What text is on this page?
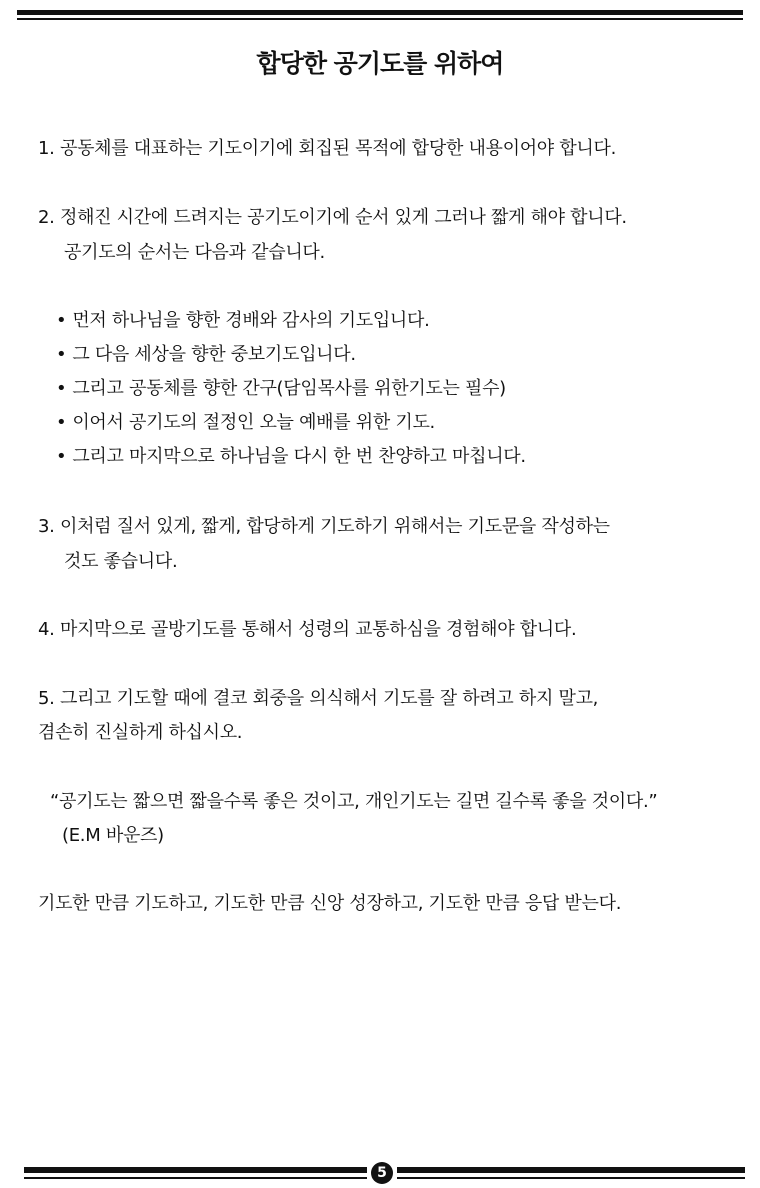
합당한 공기도를 위하여
1. 공동체를 대표하는 기도이기에 회집된 목적에 합당한 내용이어야 합니다.
2. 정해진 시간에 드려지는 공기도이기에 순서 있게 그러나 짧게 해야 합니다.
공기도의 순서는 다음과 같습니다.
• 먼저 하나님을 향한 경배와 감사의 기도입니다.
• 그 다음 세상을 향한 중보기도입니다.
• 그리고 공동체를 향한 간구(담임목사를 위한기도는 필수)
• 이어서 공기도의 절정인 오늘 예배를 위한 기도.
• 그리고 마지막으로 하나님을 다시 한 번 찬양하고 마칩니다.
3. 이처럼 질서 있게, 짧게, 합당하게 기도하기 위해서는 기도문을 작성하는
것도 좋습니다.
4. 마지막으로 골방기도를 통해서 성령의 교통하심을 경험해야 합니다.
5. 그리고 기도할 때에 결코 회중을 의식해서 기도를 잘 하려고 하지 말고,
겸손히 진실하게 하십시오.
“공기도는 짧으면 짧을수록 좋은 것이고, 개인기도는 길면 길수록 좋을 것이다.”
(E.M 바운즈)
기도한 만큼 기도하고, 기도한 만큼 신앙 성장하고, 기도한 만큼 응답 받는다.
5
